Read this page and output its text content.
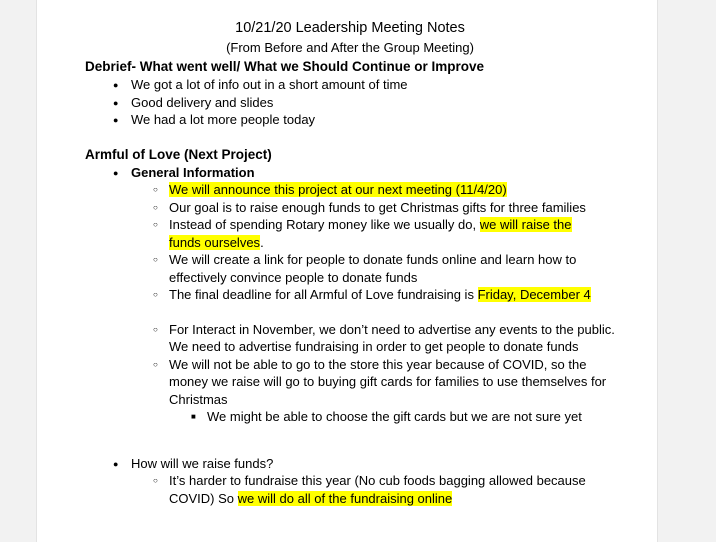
10/21/20 Leadership Meeting Notes

(From Before and After the Group Meeting)

Debrief- What went well/ What we Should Continue or Improve

● We got a lot of info out in a short amount of time
● Good delivery and slides
● We had a lot more people today

Armful of Love (Next Project)

● General Information
○ We will announce this project at our next meeting (11/4/20)
○ Our goal is to raise enough funds to get Christmas gifts for three families
○ Instead of spending Rotary money like we usually do, we will raise the
funds ourselves.
○ We will create a link for people to donate funds online and learn how to effectively convince people to donate funds
○ The final deadline for all Armful of Love fundraising is Friday, December 4
○ For Interact in November, we don’t need to advertise any events to the public. We need to advertise fundraising in order to get people to donate funds
○ We will not be able to go to the store this year because of COVID, so the money we raise will go to buying gift cards for families to use themselves for Christmas
■ We might be able to choose the gift cards but we are not sure yet
● How will we raise funds?
○ It’s harder to fundraise this year (No cub foods bagging allowed because COVID) So we will do all of the fundraising online
